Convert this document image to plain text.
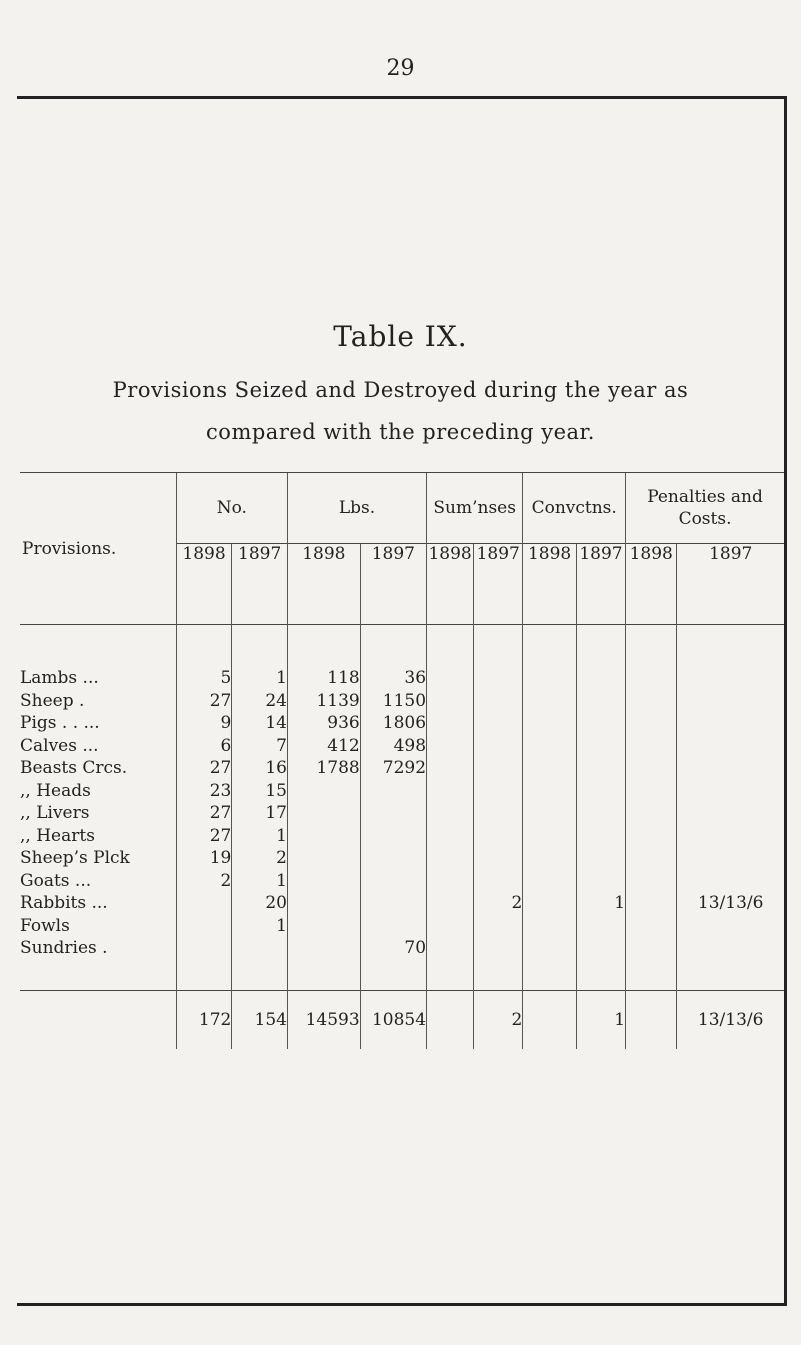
29
Table IX.
Provisions Seized and Destroyed during the year as
compared with the preceding year.
Provisions.	No.		Lbs.		Sum’nses		Convctns.		Penalties and Costs.	
	1898	1897	1898	1897	1898	1897	1898	1897	1898	1897

Lambs ...	5	1	118	36						
Sheep .	27	24	1139	1150						
Pigs . . ...	9	14	936	1806						
Calves ...	6	7	412	498						
Beasts Crcs.	27	16	1788	7292						
,, Heads	23	15								
,, Livers	27	17								
,, Hearts	27	1								
Sheep’s Plck	19	2								
Goats ...	2	1								
Rabbits ...		20				2		1		13/13/6
Fowls		1								
Sundries .				70						

	172	154	14593	10854		2		1		13/13/6
